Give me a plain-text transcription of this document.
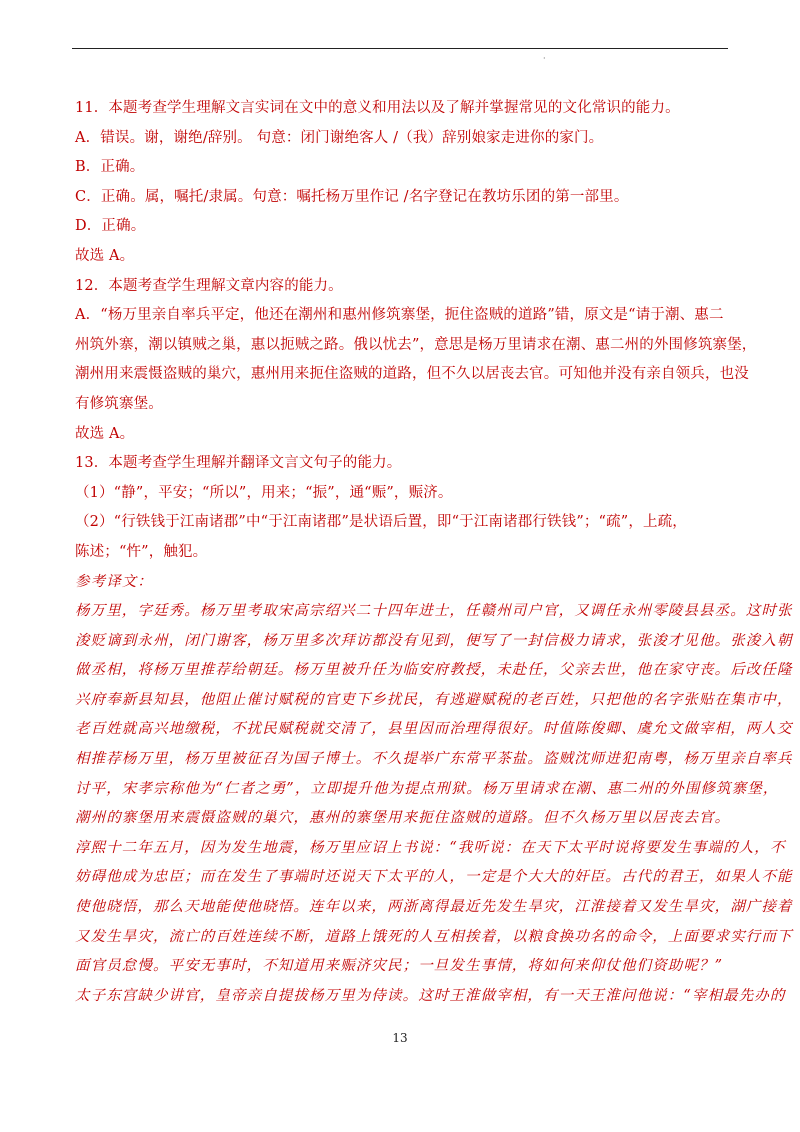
·
11．本题考查学生理解文言实词在文中的意义和用法以及了解并掌握常见的文化常识的能力。
A．错误。谢，谢绝/辞别。 句意：闭门谢绝客人 /（我）辞别娘家走进你的家门。
B．正确。
C．正确。属，嘱托/隶属。句意：嘱托杨万里作记 /名字登记在教坊乐团的第一部里。
D．正确。
故选 A。
12．本题考查学生理解文章内容的能力。
A．“杨万里亲自率兵平定，他还在潮州和惠州修筑寨堡，扼住盗贼的道路”错，原文是“请于潮、惠二
州筑外寨，潮以镇贼之巢，惠以扼贼之路。俄以忧去”，意思是杨万里请求在潮、惠二州的外围修筑寨堡，
潮州用来震慑盗贼的巢穴，惠州用来扼住盗贼的道路，但不久以居丧去官。可知他并没有亲自领兵，也没
有修筑寨堡。
故选 A。
13．本题考查学生理解并翻译文言文句子的能力。
（1）“静”，平安；“所以”，用来；“振”，通“赈”，赈济。
（2）“行铁钱于江南诸郡”中“于江南诸郡”是状语后置，即“于江南诸郡行铁钱”；“疏”，上疏，
陈述；“忤”，触犯。
参考译文：
杨万里，字廷秀。杨万里考取宋高宗绍兴二十四年进士，任赣州司户官，又调任永州零陵县县丞。这时张
浚贬谪到永州，闭门谢客，杨万里多次拜访都没有见到，便写了一封信极力请求，张浚才见他。张浚入朝
做丞相，将杨万里推荐给朝廷。杨万里被升任为临安府教授，未赴任，父亲去世，他在家守丧。后改任隆
兴府奉新县知县，他阻止催讨赋税的官吏下乡扰民，有逃避赋税的老百姓，只把他的名字张贴在集市中，
老百姓就高兴地缴税，不扰民赋税就交清了，县里因而治理得很好。时值陈俊卿、虞允文做宰相，两人交
相推荐杨万里，杨万里被征召为国子博士。不久提举广东常平茶盐。盗贼沈师进犯南粤，杨万里亲自率兵
讨平，宋孝宗称他为“仁者之勇”，立即提升他为提点刑狱。杨万里请求在潮、惠二州的外围修筑寨堡，
潮州的寨堡用来震慑盗贼的巢穴，惠州的寨堡用来扼住盗贼的道路。但不久杨万里以居丧去官。
淳熙十二年五月，因为发生地震，杨万里应诏上书说：“我听说：在天下太平时说将要发生事端的人，不
妨碍他成为忠臣；而在发生了事端时还说天下太平的人，一定是个大大的奸臣。古代的君王，如果人不能
使他晓悟，那么天地能使他晓悟。连年以来，两浙离得最近先发生旱灾，江淮接着又发生旱灾，湖广接着
又发生旱灾，流亡的百姓连续不断，道路上饿死的人互相挨着，以粮食换功名的命令，上面要求实行而下
面官员怠慢。平安无事时，不知道用来赈济灾民；一旦发生事情，将如何来仰仗他们资助呢？”
太子东宫缺少讲官，皇帝亲自提拔杨万里为侍读。这时王淮做宰相，有一天王淮问他说：“宰相最先办的
13
